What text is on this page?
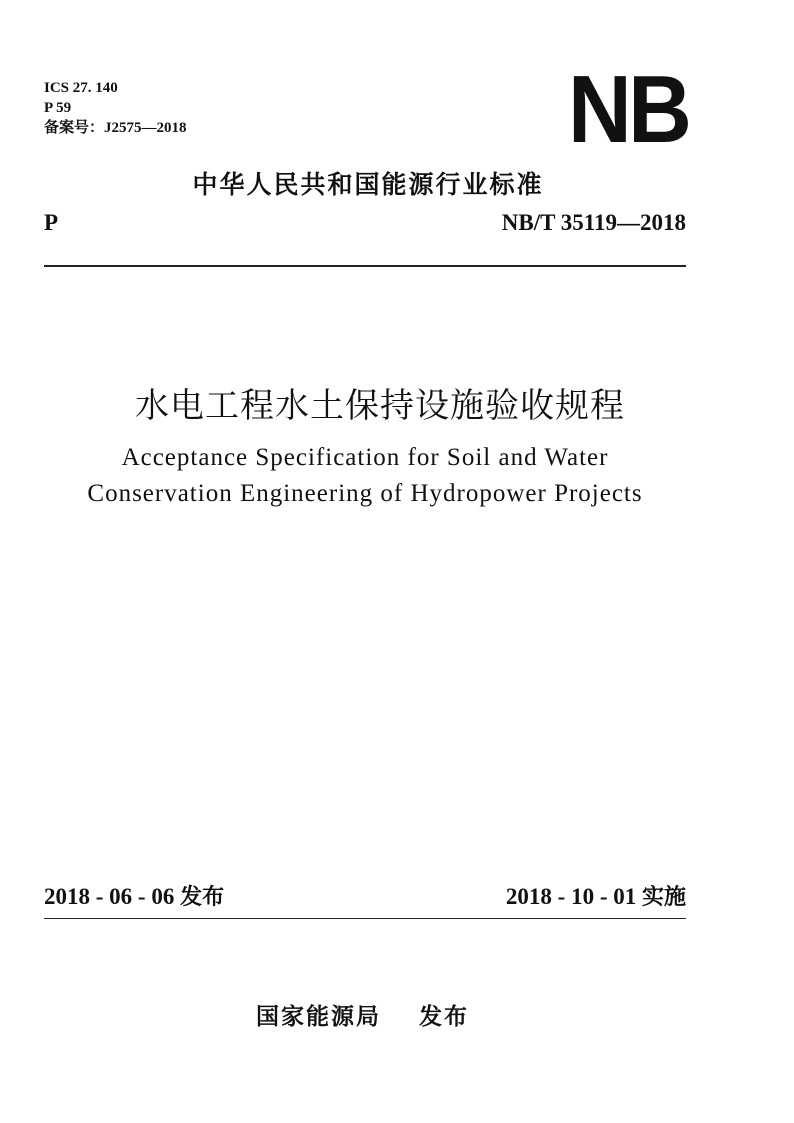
ICS 27. 140
P 59
备案号：J2575—2018	NB
中华人民共和国能源行业标准
P	NB/T 35119—2018
水电工程水土保持设施验收规程
Acceptance Specification for Soil and Water
Conservation Engineering of Hydropower Projects
2018 - 06 - 06 发布	2018 - 10 - 01 实施
国家能源局 发布
